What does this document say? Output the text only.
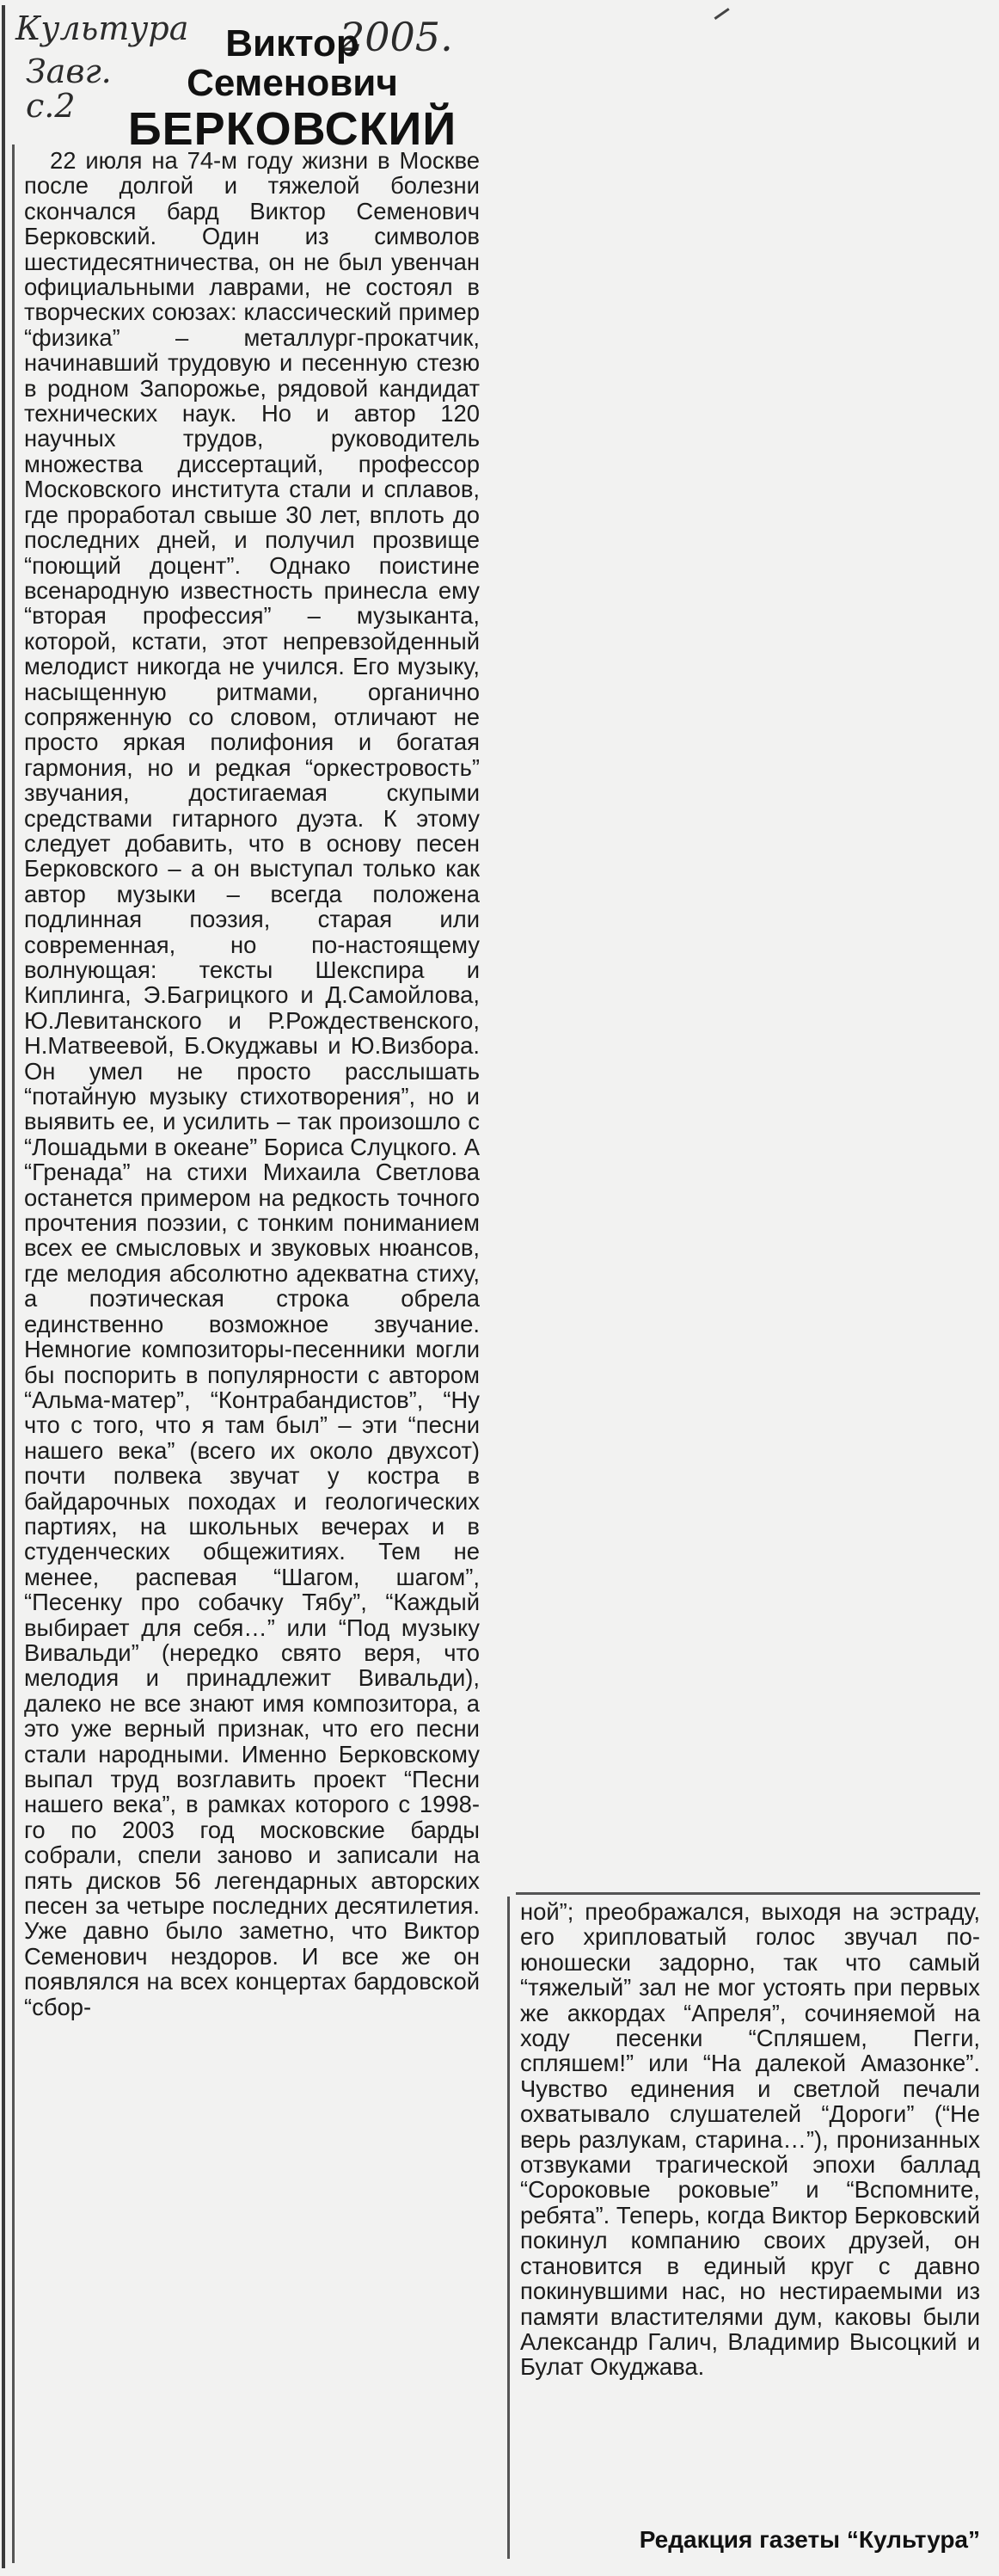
Культура	2005.
Завг.
с.2
Виктор
Семенович
БЕРКОВСКИЙ

22 июля на 74-м году жизни в Москве после долгой и тяжелой болезни скончался бард Виктор Семенович Берковский. Один из символов шестидесятничества, он не был увенчан официальными лаврами, не состоял в творческих союзах: классический пример “физика” – металлург-прокатчик, начинавший трудовую и песенную стезю в родном Запорожье, рядовой кандидат технических наук. Но и автор 120 научных трудов, руководитель множества диссертаций, профессор Московского института стали и сплавов, где проработал свыше 30 лет, вплоть до последних дней, и получил прозвище “поющий доцент”. Однако поистине всенародную известность принесла ему “вторая профессия” – музыканта, которой, кстати, этот непревзойденный мелодист никогда не учился. Его музыку, насыщенную ритмами, органично сопряженную со словом, отличают не просто яркая полифония и богатая гармония, но и редкая “оркестровость” звучания, достигаемая скупыми средствами гитарного дуэта. К этому следует добавить, что в основу песен Берковского – а он выступал только как автор музыки – всегда положена подлинная поэзия, старая или современная, но по-настоящему волнующая: тексты Шекспира и Киплинга, Э.Багрицкого и Д.Самойлова, Ю.Левитанского и Р.Рождественского, Н.Матвеевой, Б.Окуджавы и Ю.Визбора. Он умел не просто расслышать “потайную музыку стихотворения”, но и выявить ее, и усилить – так произошло с “Лошадьми в океане” Бориса Слуцкого. А “Гренада” на стихи Михаила Светлова останется примером на редкость точного прочтения поэзии, с тонким пониманием всех ее смысловых и звуковых нюансов, где мелодия абсолютно адекватна стиху, а поэтическая строка обрела единственно возможное звучание. Немногие композиторы-песенники могли бы поспорить в популярности с автором “Альма-матер”, “Контрабандистов”, “Ну что с того, что я там был” – эти “песни нашего века” (всего их около двухсот) почти полвека звучат у костра в байдарочных походах и геологических партиях, на школьных вечерах и в студенческих общежитиях. Тем не менее, распевая “Шагом, шагом”, “Песенку про собачку Тябу”, “Каждый выбирает для себя…” или “Под музыку Вивальди” (нередко свято веря, что мелодия и принадлежит Вивальди), далеко не все знают имя композитора, а это уже верный признак, что его песни стали народными. Именно Берковскому выпал труд возглавить проект “Песни нашего века”, в рамках которого с 1998-го по 2003 год московские барды собрали, спели заново и записали на пять дисков 56 легендарных авторских песен за четыре последних десятилетия. Уже давно было заметно, что Виктор Семенович нездоров. И все же он появлялся на всех концертах бардовской “сбор-

ной”; преображался, выходя на эстраду, его хрипловатый голос звучал по-юношески задорно, так что самый “тяжелый” зал не мог устоять при первых же аккордах “Апреля”, сочиняемой на ходу песенки “Спляшем, Пегги, спляшем!” или “На далекой Амазонке”. Чувство единения и светлой печали охватывало слушателей “Дороги” (“Не верь разлукам, старина…”), пронизанных отзвуками трагической эпохи баллад “Сороковые роковые” и “Вспомните, ребята”. Теперь, когда Виктор Берковский покинул компанию своих друзей, он становится в единый круг с давно покинувшими нас, но нестираемыми из памяти властителями дум, каковы были Александр Галич, Владимир Высоцкий и Булат Окуджава.

Редакция газеты “Культура”
